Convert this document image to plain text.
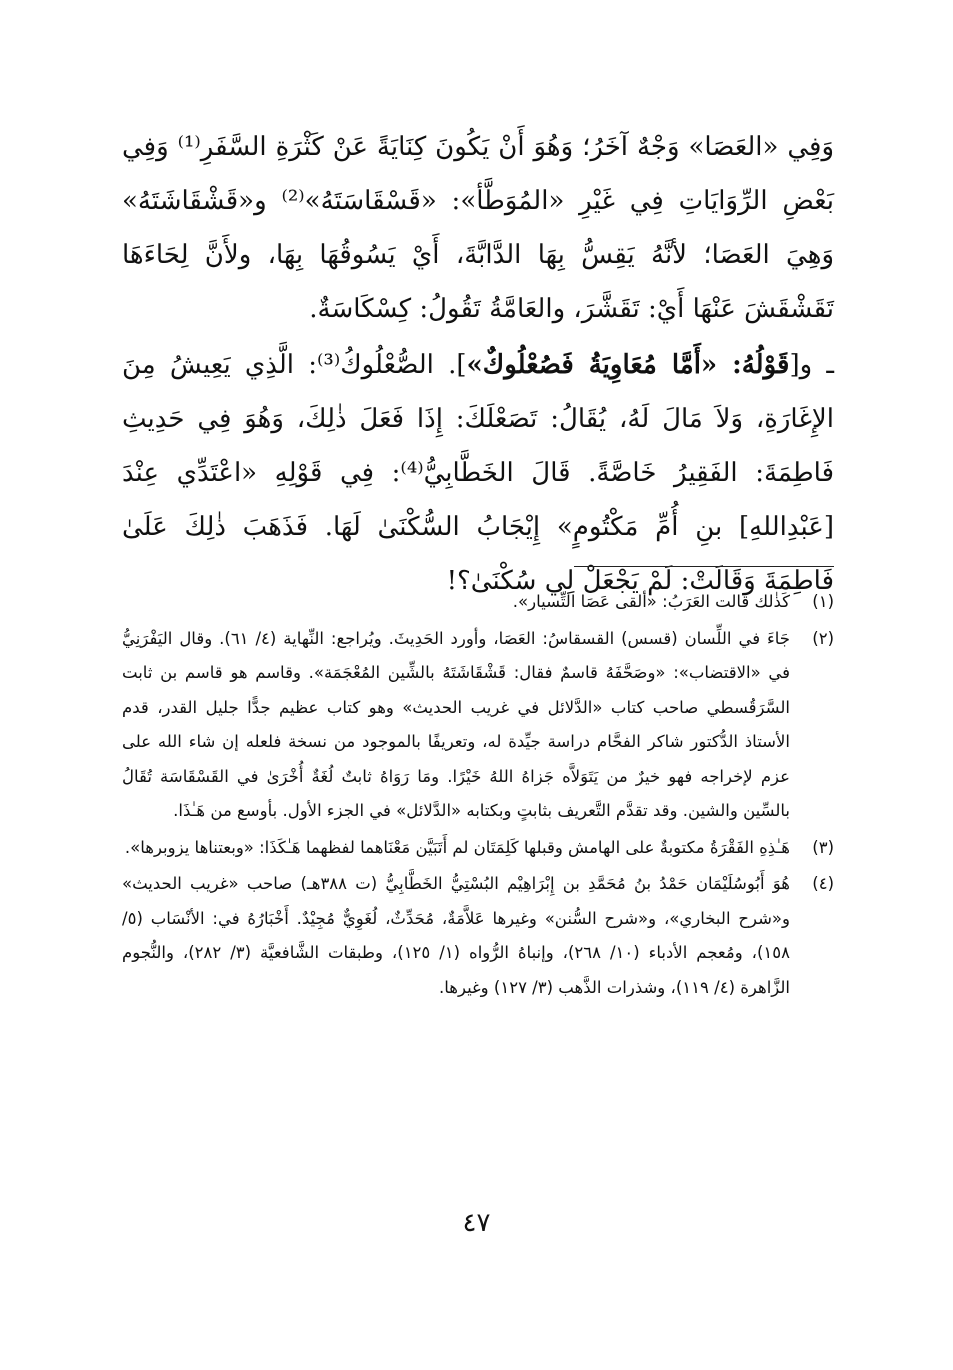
وَفِي «العَصَا» وَجْهٌ آخَرُ؛ وَهُوَ أَنْ يَكُونَ كِنَايَةً عَنْ كَثْرَةِ السَّفَرِ⁽¹⁾ وَفِي بَعْضِ الرِّوَايَاتِ فِي غَيْرِ «المُوَطَّأ»: «قَسْقَاسَتَهُ»⁽²⁾ و«قَشْقَاشَتَهُ» وَهِيَ العَصَا؛ لأنَّهُ يَقِسُّ بِهَا الدَّابَّةَ، أَيْ يَسُوقُهَا بِهَا، ولأَنَّ لِحَاءَهَا تَقَشْقَشَ عَنْهَا أَيْ: تَقَشَّرَ، والعَامَّةُ تَقُولُ: كِسْكَاسَةٌ.

ـ و[قَوْلُهُ: «أَمَّا مُعَاوِيَةُ فَصُعْلُوكٌ»]. الصُّعْلُوكُ⁽³⁾: الَّذِي يَعِيشُ مِنَ الإِغَارَةِ، وَلاَ مَالَ لَهُ، يُقَالُ: تَصَعْلَكَ: إِذَا فَعَلَ ذٰلِكَ، وَهُوَ فِي حَدِيثِ فَاطِمَةَ: الفَقِيرُ خَاصَّةً. قَالَ الخَطَّابِيُّ⁽⁴⁾: فِي قَوْلِهِ «اعْتَدِّي عِنْدَ [عَبْدِاللهِ] بنِ أُمِّ مَكْتُومٍ» إِيْجَابُ السُّكْنَىٰ لَهَا. فَذَهَبَ ذٰلِكَ عَلَىٰ فَاطِمَةَ وَقَالَتْ: لَمْ يَجْعَلْ لِي سُكْنَىٰ؟!

(١)
كَذٰلك قالت العَرَبُ: «ألقى عَصَا التِّسيار».
(٢)
جَاءَ في اللِّسان (قسس) القسقاسُ: العَصَا، وأورد الحَدِيثَ. ويُراجع: النِّهاية (٤/ ٦١). وقال اليَفْرَنِيُّ في «الاقتضاب»: «وصَحَّفَهُ قاسمٌ فقال: قَشْقَاشَتَهُ بالشِّين المُعْجَمَة». وقاسم هو قاسم بن ثابت السَّرَقُسطي صاحب كتاب «الدَّلائل في غريب الحديث» وهو كتاب عظيم جدًّا جليل القدر، قدم الأستاذ الدُّكتور شاكر الفحَّام دراسة جيِّدة له، وتعريفًا بالموجود من نسخة فلعله إن شاء الله على عزم لإخراجه فهو خيرٌ من يَتَوَلاَّه جَزاهُ اللهُ خَيْرًا. ومَا رَوَاهُ ثابتٌ لُغَةٌ أُخْرَىٰ في القَسْقَاسَة تُقَالُ بالسِّين والشين. وقد تقدَّم التَّعريف بثابتٍ وبكتابه «الدَّلائل» في الجزء الأول. بأوسع من هَـٰذَا.
(٣)
هَـٰذِهِ الفَقْرَةُ مكتوبةٌ على الهامش وقبلها كَلِمَتَان لم أَتَبَيَّن مَعْنَاهما لفظهما هَـٰكَذَا: «وبعتناها يزوبرها».
(٤)
هُوَ أَبُوسُلَيْمَان حَمْدُ بنُ مُحَمَّدِ بن إِبْرَاهِيْم البُسْتِيُّ الخَطَّابِيُّ (ت ٣٨٨هـ) صاحب «غريب الحديث» و«شرح البخاري»، و«شرح السُّنن» وغيرها عَلاَّمَةٌ، مُحَدِّثٌ، لُغَوِيٌّ مُجِيْدٌ. أَخْبَارُهُ في: الأنْسَاب (٥/ ١٥٨)، ومُعجم الأدباء (١٠/ ٢٦٨)، وإنباهُ الرُّواه (١/ ١٢٥)، وطبقات الشَّافعيَّة (٣/ ٢٨٢)، والنُّجوم الزَّاهرة (٤/ ١١٩)، وشذرات الذَّهب (٣/ ١٢٧) وغيرها.
٤٧
